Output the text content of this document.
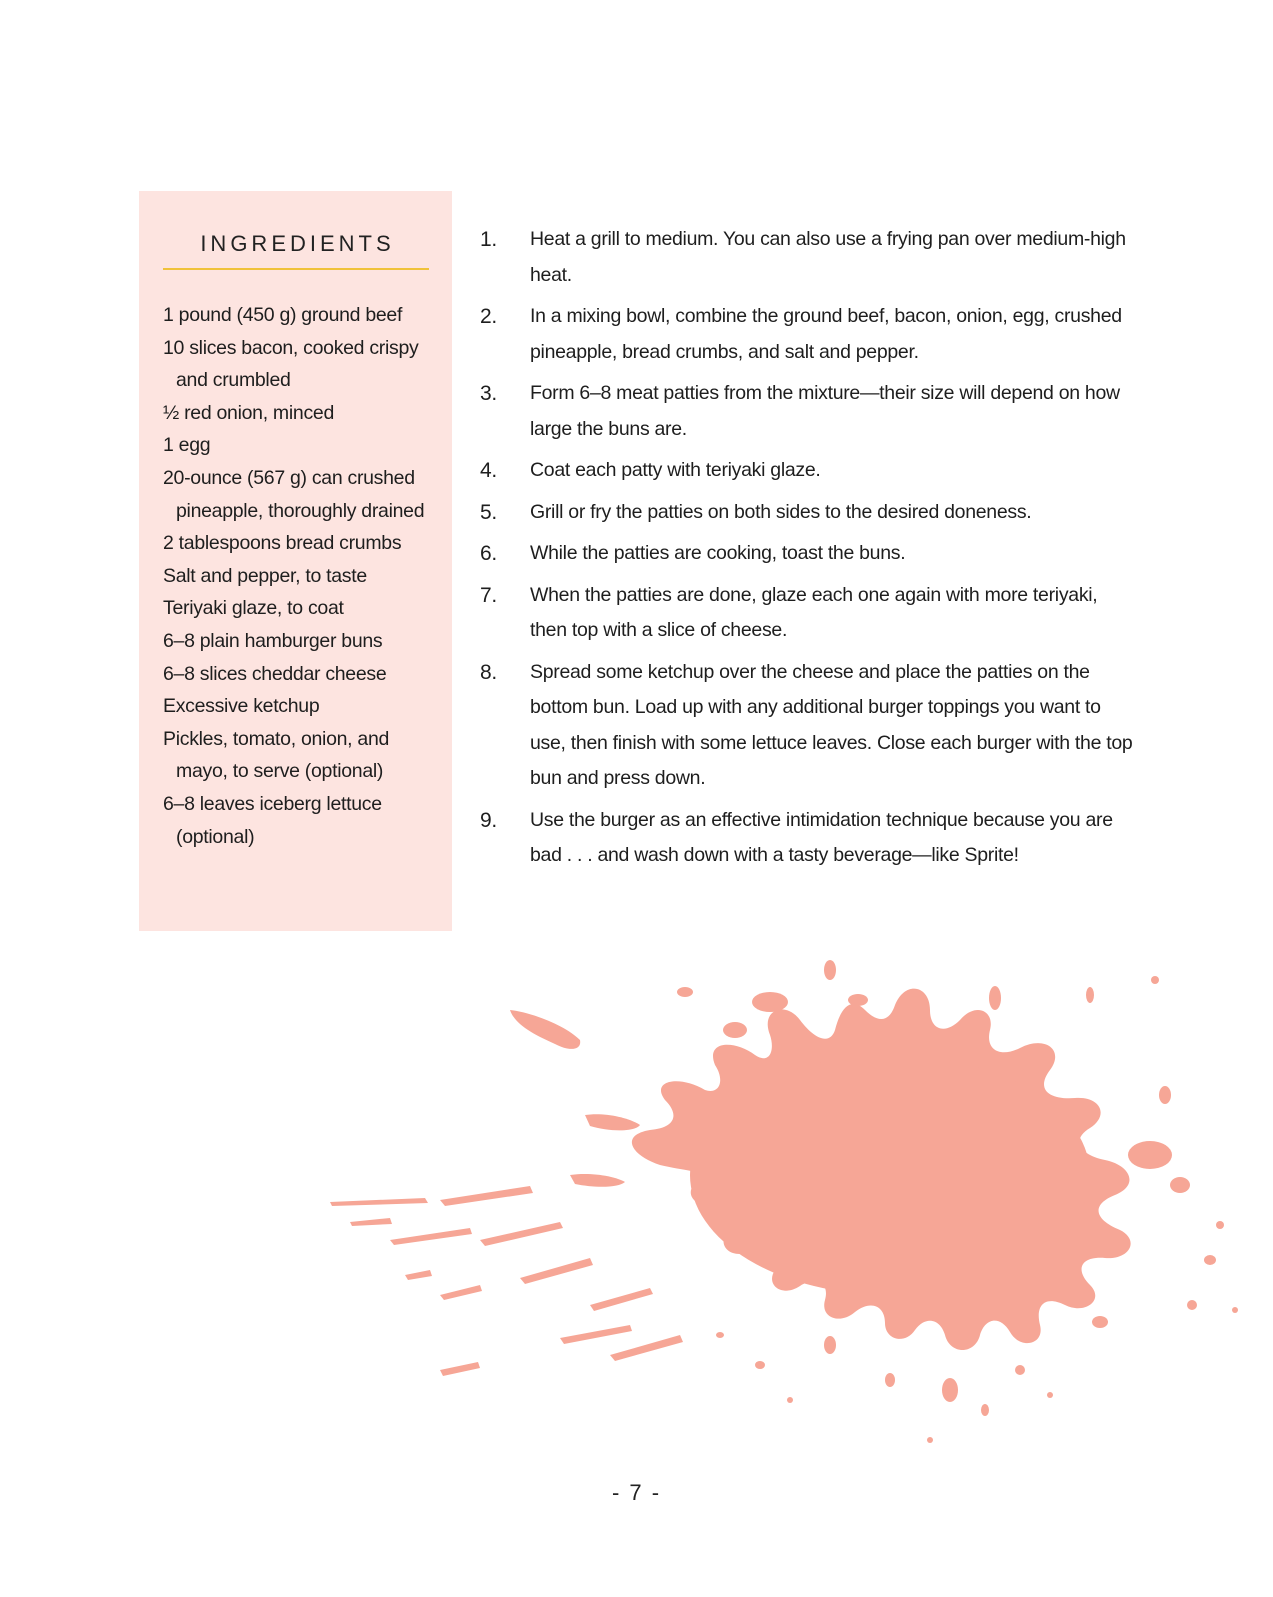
INGREDIENTS
1 pound (450 g) ground beef
10 slices bacon, cooked crispy and crumbled
½ red onion, minced
1 egg
20-ounce (567 g) can crushed pineapple, thoroughly drained
2 tablespoons bread crumbs
Salt and pepper, to taste
Teriyaki glaze, to coat
6–8 plain hamburger buns
6–8 slices cheddar cheese
Excessive ketchup
Pickles, tomato, onion, and mayo, to serve (optional)
6–8 leaves iceberg lettuce (optional)
1. Heat a grill to medium. You can also use a frying pan over medium-high heat.
2. In a mixing bowl, combine the ground beef, bacon, onion, egg, crushed pineapple, bread crumbs, and salt and pepper.
3. Form 6–8 meat patties from the mixture—their size will depend on how large the buns are.
4. Coat each patty with teriyaki glaze.
5. Grill or fry the patties on both sides to the desired doneness.
6. While the patties are cooking, toast the buns.
7. When the patties are done, glaze each one again with more teriyaki, then top with a slice of cheese.
8. Spread some ketchup over the cheese and place the patties on the bottom bun. Load up with any additional burger toppings you want to use, then finish with some lettuce leaves. Close each burger with the top bun and press down.
9. Use the burger as an effective intimidation technique because you are bad . . . and wash down with a tasty beverage—like Sprite!
- 7 -
